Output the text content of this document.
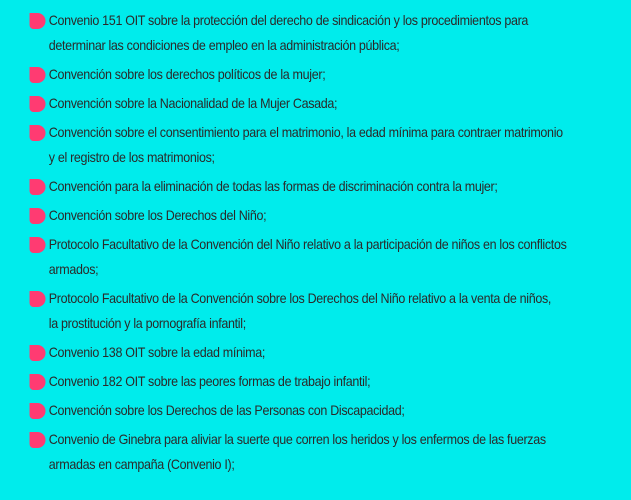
Convenio 151 OIT sobre la protección del derecho de sindicación y los procedimientos para
determinar las condiciones de empleo en la administración pública;
Convención sobre los derechos políticos de la mujer;
Convención sobre la Nacionalidad de la Mujer Casada;
Convención sobre el consentimiento para el matrimonio, la edad mínima para contraer matrimonio
y el registro de los matrimonios;
Convención para la eliminación de todas las formas de discriminación contra la mujer;
Convención sobre los Derechos del Niño;
Protocolo Facultativo de la Convención del Niño relativo a la participación de niños en los conflictos
armados;
Protocolo Facultativo de la Convención sobre los Derechos del Niño relativo a la venta de niños,
la prostitución y la pornografía infantil;
Convenio 138 OIT sobre la edad mínima;
Convenio 182 OIT sobre las peores formas de trabajo infantil;
Convención sobre los Derechos de las Personas con Discapacidad;
Convenio de Ginebra para aliviar la suerte que corren los heridos y los enfermos de las fuerzas
armadas en campaña (Convenio I);
